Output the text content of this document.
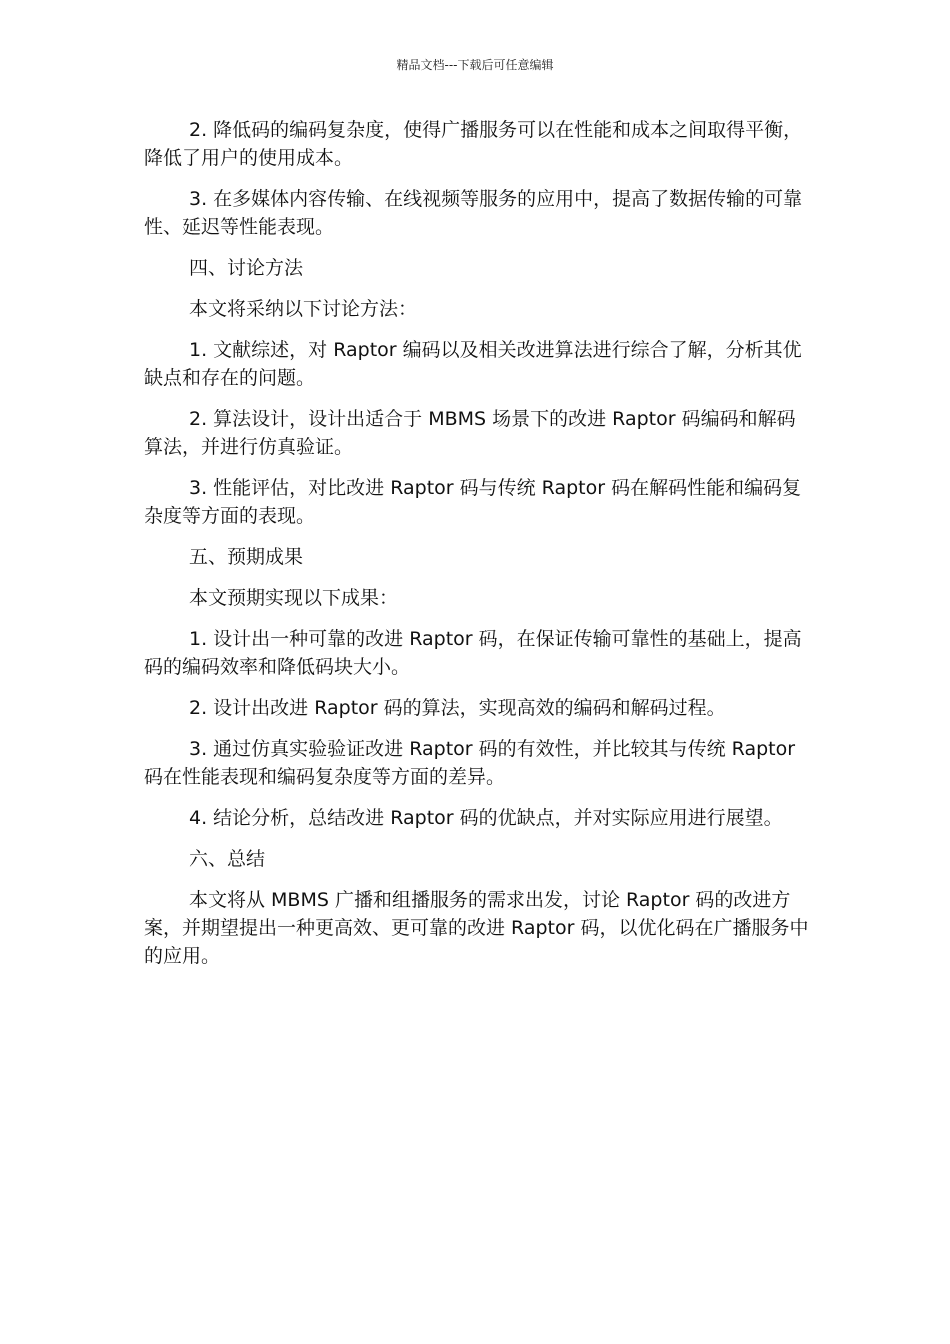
精品文档---下载后可任意编辑

2. 降低码的编码复杂度，使得广播服务可以在性能和成本之间取得平衡，降低了用户的使用成本。

3. 在多媒体内容传输、在线视频等服务的应用中，提高了数据传输的可靠性、延迟等性能表现。

四、讨论方法

本文将采纳以下讨论方法：

1. 文献综述，对 Raptor 编码以及相关改进算法进行综合了解，分析其优缺点和存在的问题。

2. 算法设计，设计出适合于 MBMS 场景下的改进 Raptor 码编码和解码算法，并进行仿真验证。

3. 性能评估，对比改进 Raptor 码与传统 Raptor 码在解码性能和编码复杂度等方面的表现。

五、预期成果

本文预期实现以下成果：

1. 设计出一种可靠的改进 Raptor 码，在保证传输可靠性的基础上，提高码的编码效率和降低码块大小。

2. 设计出改进 Raptor 码的算法，实现高效的编码和解码过程。

3. 通过仿真实验验证改进 Raptor 码的有效性，并比较其与传统 Raptor 码在性能表现和编码复杂度等方面的差异。

4. 结论分析，总结改进 Raptor 码的优缺点，并对实际应用进行展望。

六、总结

本文将从 MBMS 广播和组播服务的需求出发，讨论 Raptor 码的改进方案，并期望提出一种更高效、更可靠的改进 Raptor 码，以优化码在广播服务中的应用。
